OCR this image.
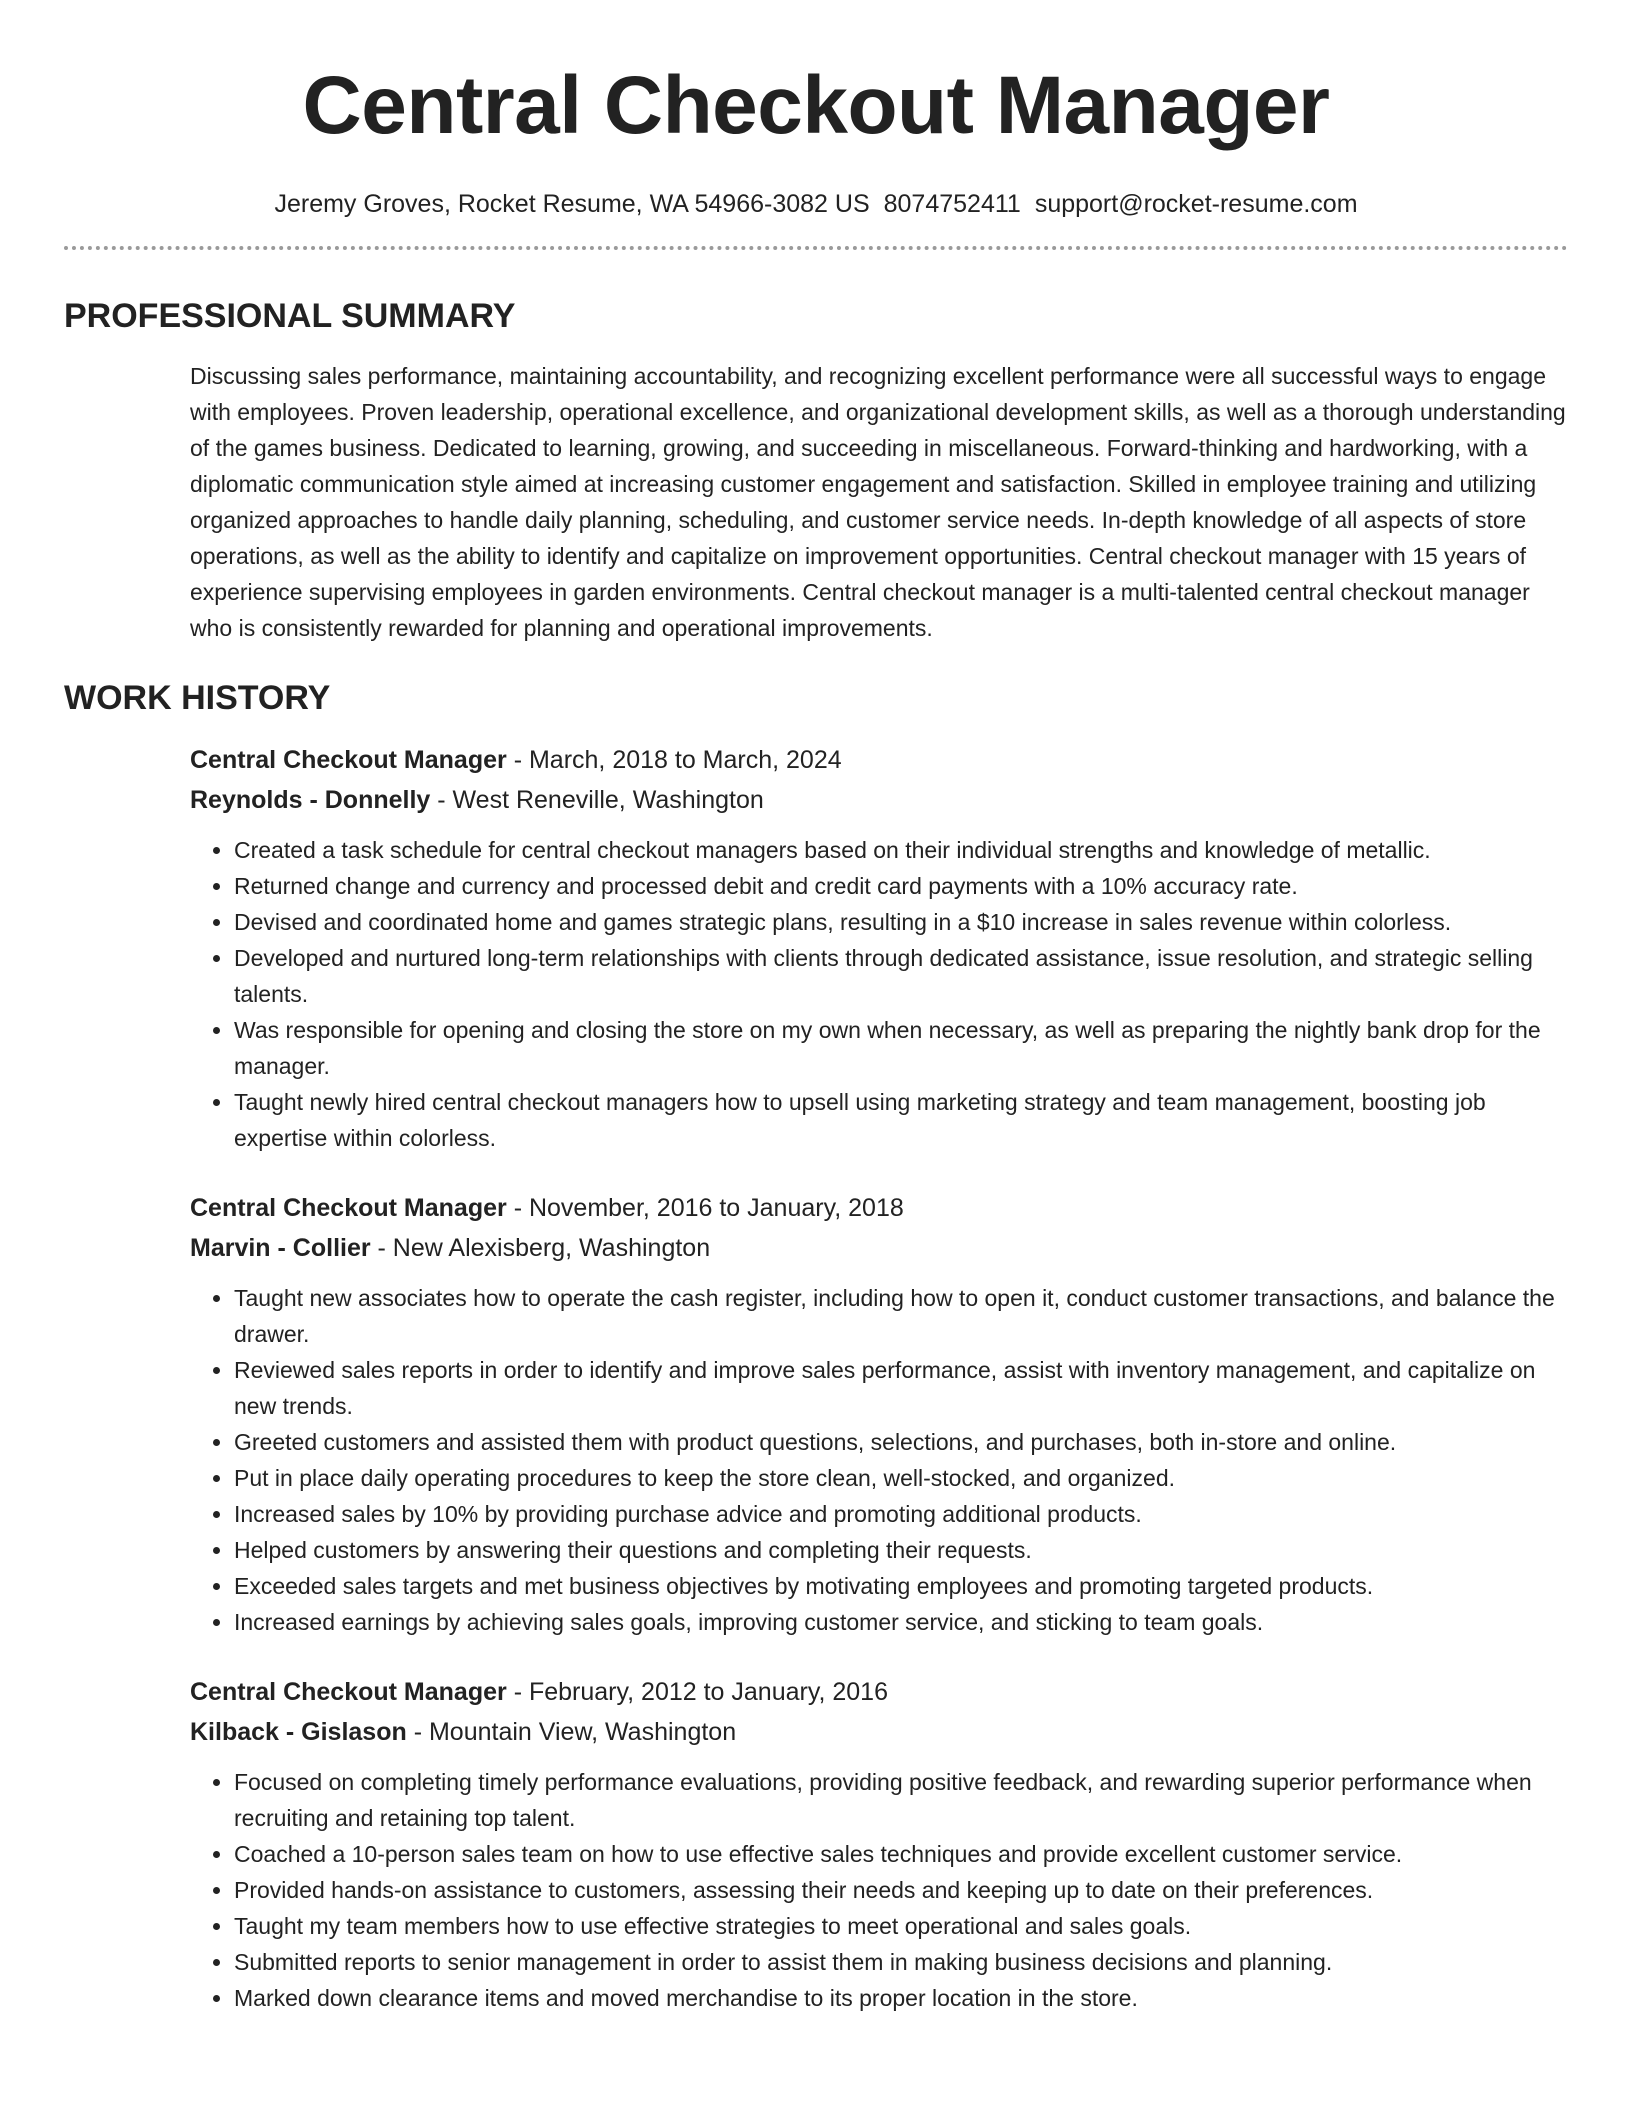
Central Checkout Manager
Jeremy Groves, Rocket Resume, WA 54966-3082 US 8074752411 support@rocket-resume.com
PROFESSIONAL SUMMARY

Discussing sales performance, maintaining accountability, and recognizing excellent performance were all successful ways to engage with employees. Proven leadership, operational excellence, and organizational development skills, as well as a thorough understanding of the games business. Dedicated to learning, growing, and succeeding in miscellaneous. Forward-thinking and hardworking, with a diplomatic communication style aimed at increasing customer engagement and satisfaction. Skilled in employee training and utilizing organized approaches to handle daily planning, scheduling, and customer service needs. In-depth knowledge of all aspects of store operations, as well as the ability to identify and capitalize on improvement opportunities. Central checkout manager with 15 years of experience supervising employees in garden environments. Central checkout manager is a multi-talented central checkout manager who is consistently rewarded for planning and operational improvements.

WORK HISTORY
Central Checkout Manager - March, 2018 to March, 2024
Reynolds - Donnelly - West Reneville, Washington
• Created a task schedule for central checkout managers based on their individual strengths and knowledge of metallic.
• Returned change and currency and processed debit and credit card payments with a 10% accuracy rate.
• Devised and coordinated home and games strategic plans, resulting in a $10 increase in sales revenue within colorless.
• Developed and nurtured long-term relationships with clients through dedicated assistance, issue resolution, and strategic selling talents.
• Was responsible for opening and closing the store on my own when necessary, as well as preparing the nightly bank drop for the manager.
• Taught newly hired central checkout managers how to upsell using marketing strategy and team management, boosting job expertise within colorless.
Central Checkout Manager - November, 2016 to January, 2018
Marvin - Collier - New Alexisberg, Washington
• Taught new associates how to operate the cash register, including how to open it, conduct customer transactions, and balance the drawer.
• Reviewed sales reports in order to identify and improve sales performance, assist with inventory management, and capitalize on new trends.
• Greeted customers and assisted them with product questions, selections, and purchases, both in-store and online.
• Put in place daily operating procedures to keep the store clean, well-stocked, and organized.
• Increased sales by 10% by providing purchase advice and promoting additional products.
• Helped customers by answering their questions and completing their requests.
• Exceeded sales targets and met business objectives by motivating employees and promoting targeted products.
• Increased earnings by achieving sales goals, improving customer service, and sticking to team goals.
Central Checkout Manager - February, 2012 to January, 2016
Kilback - Gislason - Mountain View, Washington
• Focused on completing timely performance evaluations, providing positive feedback, and rewarding superior performance when recruiting and retaining top talent.
• Coached a 10-person sales team on how to use effective sales techniques and provide excellent customer service.
• Provided hands-on assistance to customers, assessing their needs and keeping up to date on their preferences.
• Taught my team members how to use effective strategies to meet operational and sales goals.
• Submitted reports to senior management in order to assist them in making business decisions and planning.
• Marked down clearance items and moved merchandise to its proper location in the store.
